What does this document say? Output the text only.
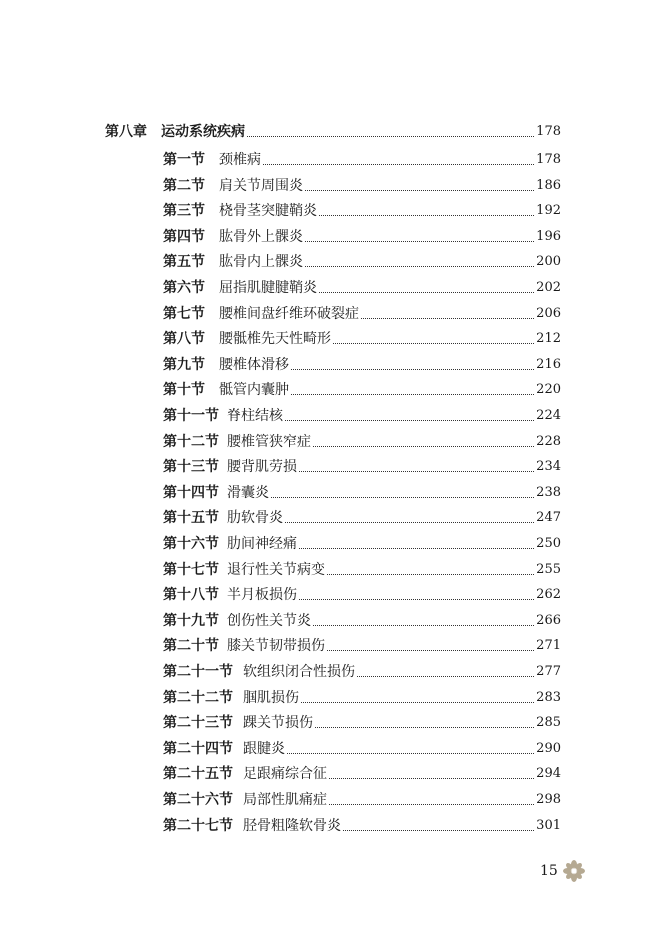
第八章 运动系统疾病	178
第一节 颈椎病	178
第二节 肩关节周围炎	186
第三节 桡骨茎突腱鞘炎	192
第四节 肱骨外上髁炎	196
第五节 肱骨内上髁炎	200
第六节 屈指肌腱腱鞘炎	202
第七节 腰椎间盘纤维环破裂症	206
第八节 腰骶椎先天性畸形	212
第九节 腰椎体滑移	216
第十节 骶管内囊肿	220
第十一节 脊柱结核	224
第十二节 腰椎管狭窄症	228
第十三节 腰背肌劳损	234
第十四节 滑囊炎	238
第十五节 肋软骨炎	247
第十六节 肋间神经痛	250
第十七节 退行性关节病变	255
第十八节 半月板损伤	262
第十九节 创伤性关节炎	266
第二十节 膝关节韧带损伤	271
第二十一节 软组织闭合性损伤	277
第二十二节 腘肌损伤	283
第二十三节 踝关节损伤	285
第二十四节 跟腱炎	290
第二十五节 足跟痛综合征	294
第二十六节 局部性肌痛症	298
第二十七节 胫骨粗隆软骨炎	301
15
